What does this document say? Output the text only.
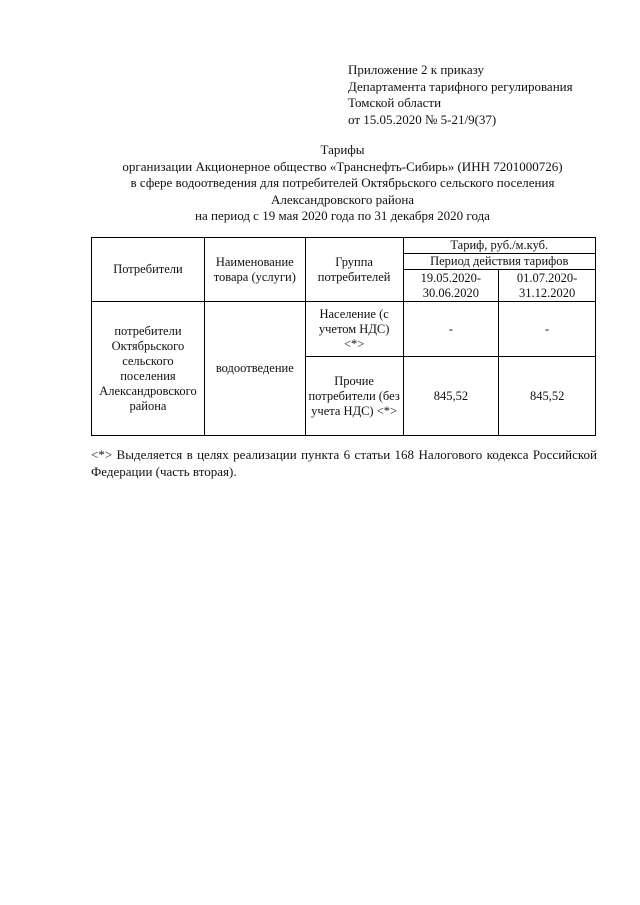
Приложение 2 к приказу
Департамента тарифного регулирования
Томской области
от 15.05.2020 № 5-21/9(37)
Тарифы
организации Акционерное общество «Транснефть-Сибирь» (ИНН 7201000726)
в сфере водоотведения для потребителей Октябрьского сельского поселения
Александровского района
на период с 19 мая 2020 года по 31 декабря 2020 года
Потребители	Наименование товара (услуги)	Группа потребителей	Тариф, руб./м.куб.	
			Период действия тарифов	
			19.05.2020-30.06.2020	01.07.2020-31.12.2020
потребители Октябрьского сельского поселения Александровского района	водоотведение	Население (с учетом НДС) <*>	-	-
		Прочие потребители (без учета НДС) <*>	845,52	845,52
<*> Выделяется в целях реализации пункта 6 статьи 168 Налогового кодекса Российской Федерации (часть вторая).
